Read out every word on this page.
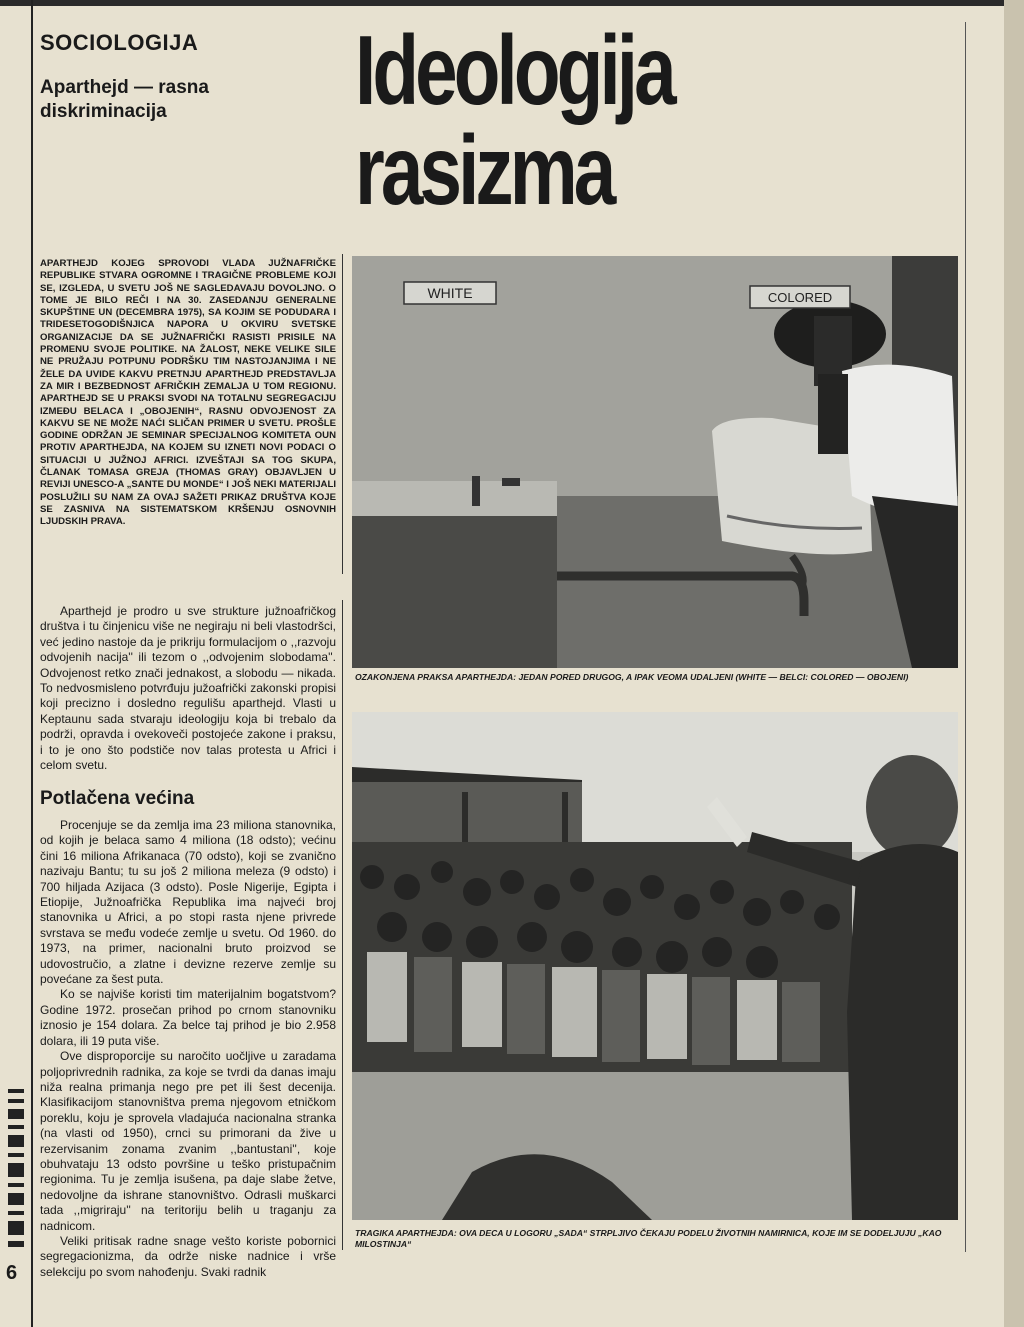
SOCIOLOGIJA
Aparthejd — rasna diskriminacija	Ideologija
rasizma
APARTHEJD KOJEG SPROVODI VLADA JUŽNAFRIČKE REPUBLIKE STVARA OGROMNE I TRAGIČNE PROBLEME KOJI SE, IZGLEDA, U SVETU JOŠ NE SAGLEDAVAJU DOVOLJNO. O TOME JE BILO REČI I NA 30. ZASEDANJU GENERALNE SKUPŠTINE UN (DECEMBRA 1975), SA KOJIM SE PODUDARA I TRIDESETOGODIŠNJICA NAPORA U OKVIRU SVETSKE ORGANIZACIJE DA SE JUŽNAFRIČKI RASISTI PRISILE NA PROMENU SVOJE POLITIKE. NA ŽALOST, NEKE VELIKE SILE NE PRUŽAJU POTPUNU PODRŠKU TIM NASTOJANJIMA I NE ŽELE DA UVIDE KAKVU PRETNJU APARTHEJD PREDSTAVLJA ZA MIR I BEZBEDNOST AFRIČKIH ZEMALJA U TOM REGIONU. APARTHEJD SE U PRAKSI SVODI NA TOTALNU SEGREGACIJU IZMEĐU BELACA I „OBOJENIH“, RASNU ODVOJENOST ZA KAKVU SE NE MOŽE NAĆI SLIČAN PRIMER U SVETU. PROŠLE GODINE ODRŽAN JE SEMINAR SPECIJALNOG KOMITETA OUN PROTIV APARTHEJDA, NA KOJEM SU IZNETI NOVI PODACI O SITUACIJI U JUŽNOJ AFRICI. IZVEŠTAJI SA TOG SKUPA, ČLANAK TOMASA GREJA (THOMAS GRAY) OBJAVLJEN U REVIJI UNESCO-A „SANTE DU MONDE“ I JOŠ NEKI MATERIJALI POSLUŽILI SU NAM ZA OVAJ SAŽETI PRIKAZ DRUŠTVA KOJE SE ZASNIVA NA SISTEMATSKOM KRŠENJU OSNOVNIH LJUDSKIH PRAVA.

Aparthejd je prodro u sve strukture južnoafričkog društva i tu činjenicu više ne negiraju ni beli vlastodršci, već jedino nastoje da je prikriju formulacijom o ,,razvoju odvojenih nacija'' ili tezom o ,,odvojenim slobodama''. Odvojenost retko znači jednakost, a slobodu — nikada. To nedvosmisleno potvrđuju južoafrički zakonski propisi koji precizno i dosledno regulišu aparthejd. Vlasti u Keptaunu sada stvaraju ideologiju koja bi trebalo da podrži, opravda i ovekoveči postojeće zakone i praksu, i to je ono što podstiče nov talas protesta u Africi i celom svetu.

Potlačena većina

Procenjuje se da zemlja ima 23 miliona stanovnika, od kojih je belaca samo 4 miliona (18 odsto); većinu čini 16 miliona Afrikanaca (70 odsto), koji se zvanično nazivaju Bantu; tu su još 2 miliona meleza (9 odsto) i 700 hiljada Azijaca (3 odsto). Posle Nigerije, Egipta i Etiopije, Južnoafrička Republika ima najveći broj stanovnika u Africi, a po stopi rasta njene privrede svrstava se među vodeće zemlje u svetu. Od 1960. do 1973, na primer, nacionalni bruto proizvod se udovostručio, a zlatne i devizne rezerve zemlje su povećane za šest puta.

Ko se najviše koristi tim materijalnim bogatstvom? Godine 1972. prosečan prihod po crnom stanovniku iznosio je 154 dolara. Za belce taj prihod je bio 2.958 dolara, ili 19 puta više.

Ove disproporcije su naročito uočljive u zaradama poljoprivrednih radnika, za koje se tvrdi da danas imaju niža realna primanja nego pre pet ili šest decenija. Klasifikacijom stanovništva prema njegovom etničkom poreklu, koju je sprovela vladajuća nacionalna stranka (na vlasti od 1950), crnci su primorani da žive u rezervisanim zonama zvanim ,,bantustani'', koje obuhvataju 13 odsto površine u teško pristupačnim regionima. Tu je zemlja isušena, pa daje slabe žetve, nedovoljne da ishrane stanovništvo. Odrasli muškarci tada ,,migriraju'' na teritoriju belih u traganju za nadnicom.

Veliki pritisak radne snage vešto koriste pobornici segregacionizma, da održe niske nadnice i vrše selekciju po svom nahođenju. Svaki radnik

WHITE	COLORED
OZAKONJENA PRAKSA APARTHEJDA: JEDAN PORED DRUGOG, A IPAK VEOMA UDALJENI (WHITE — BELCI: COLORED — OBOJENI)
TRAGIKA APARTHEJDA: OVA DECA U LOGORU „SADA“ STRPLJIVO ČEKAJU PODELU ŽIVOTNIH NAMIRNICA, KOJE IM SE DODELJUJU „KAO MILOSTINJA“
6
